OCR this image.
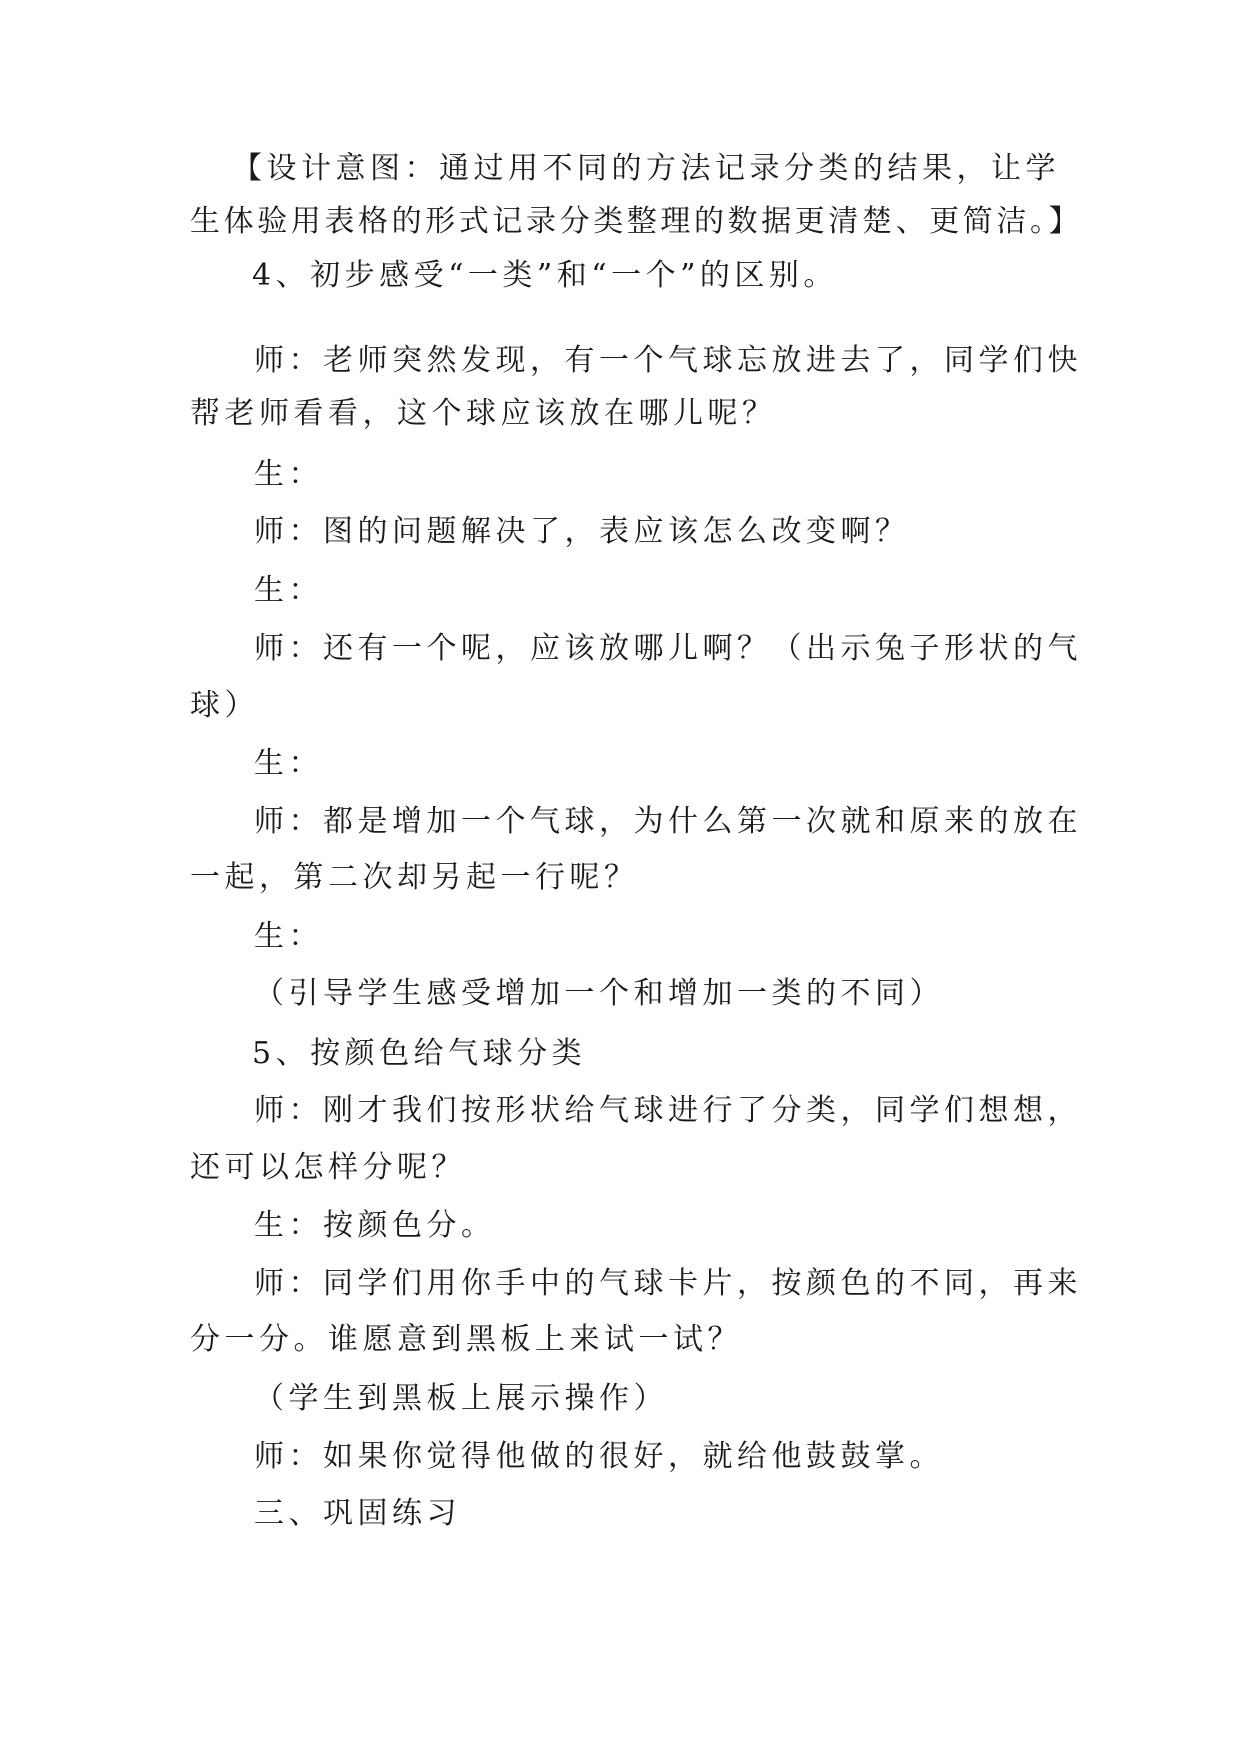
【设计意图：通过用不同的方法记录分类的结果，让学

生体验用表格的形式记录分类整理的数据更清楚、更简洁。】

4、初步感受“一类”和“一个”的区别。

师：老师突然发现，有一个气球忘放进去了，同学们快

帮老师看看，这个球应该放在哪儿呢？

生：

师：图的问题解决了，表应该怎么改变啊？

生：

师：还有一个呢，应该放哪儿啊？（出示兔子形状的气

球）

生：

师：都是增加一个气球，为什么第一次就和原来的放在

一起，第二次却另起一行呢？

生：

（引导学生感受增加一个和增加一类的不同）

5、按颜色给气球分类

师：刚才我们按形状给气球进行了分类，同学们想想，

还可以怎样分呢？

生：按颜色分。

师：同学们用你手中的气球卡片，按颜色的不同，再来

分一分。谁愿意到黑板上来试一试？

（学生到黑板上展示操作）

师：如果你觉得他做的很好，就给他鼓鼓掌。

三、巩固练习
